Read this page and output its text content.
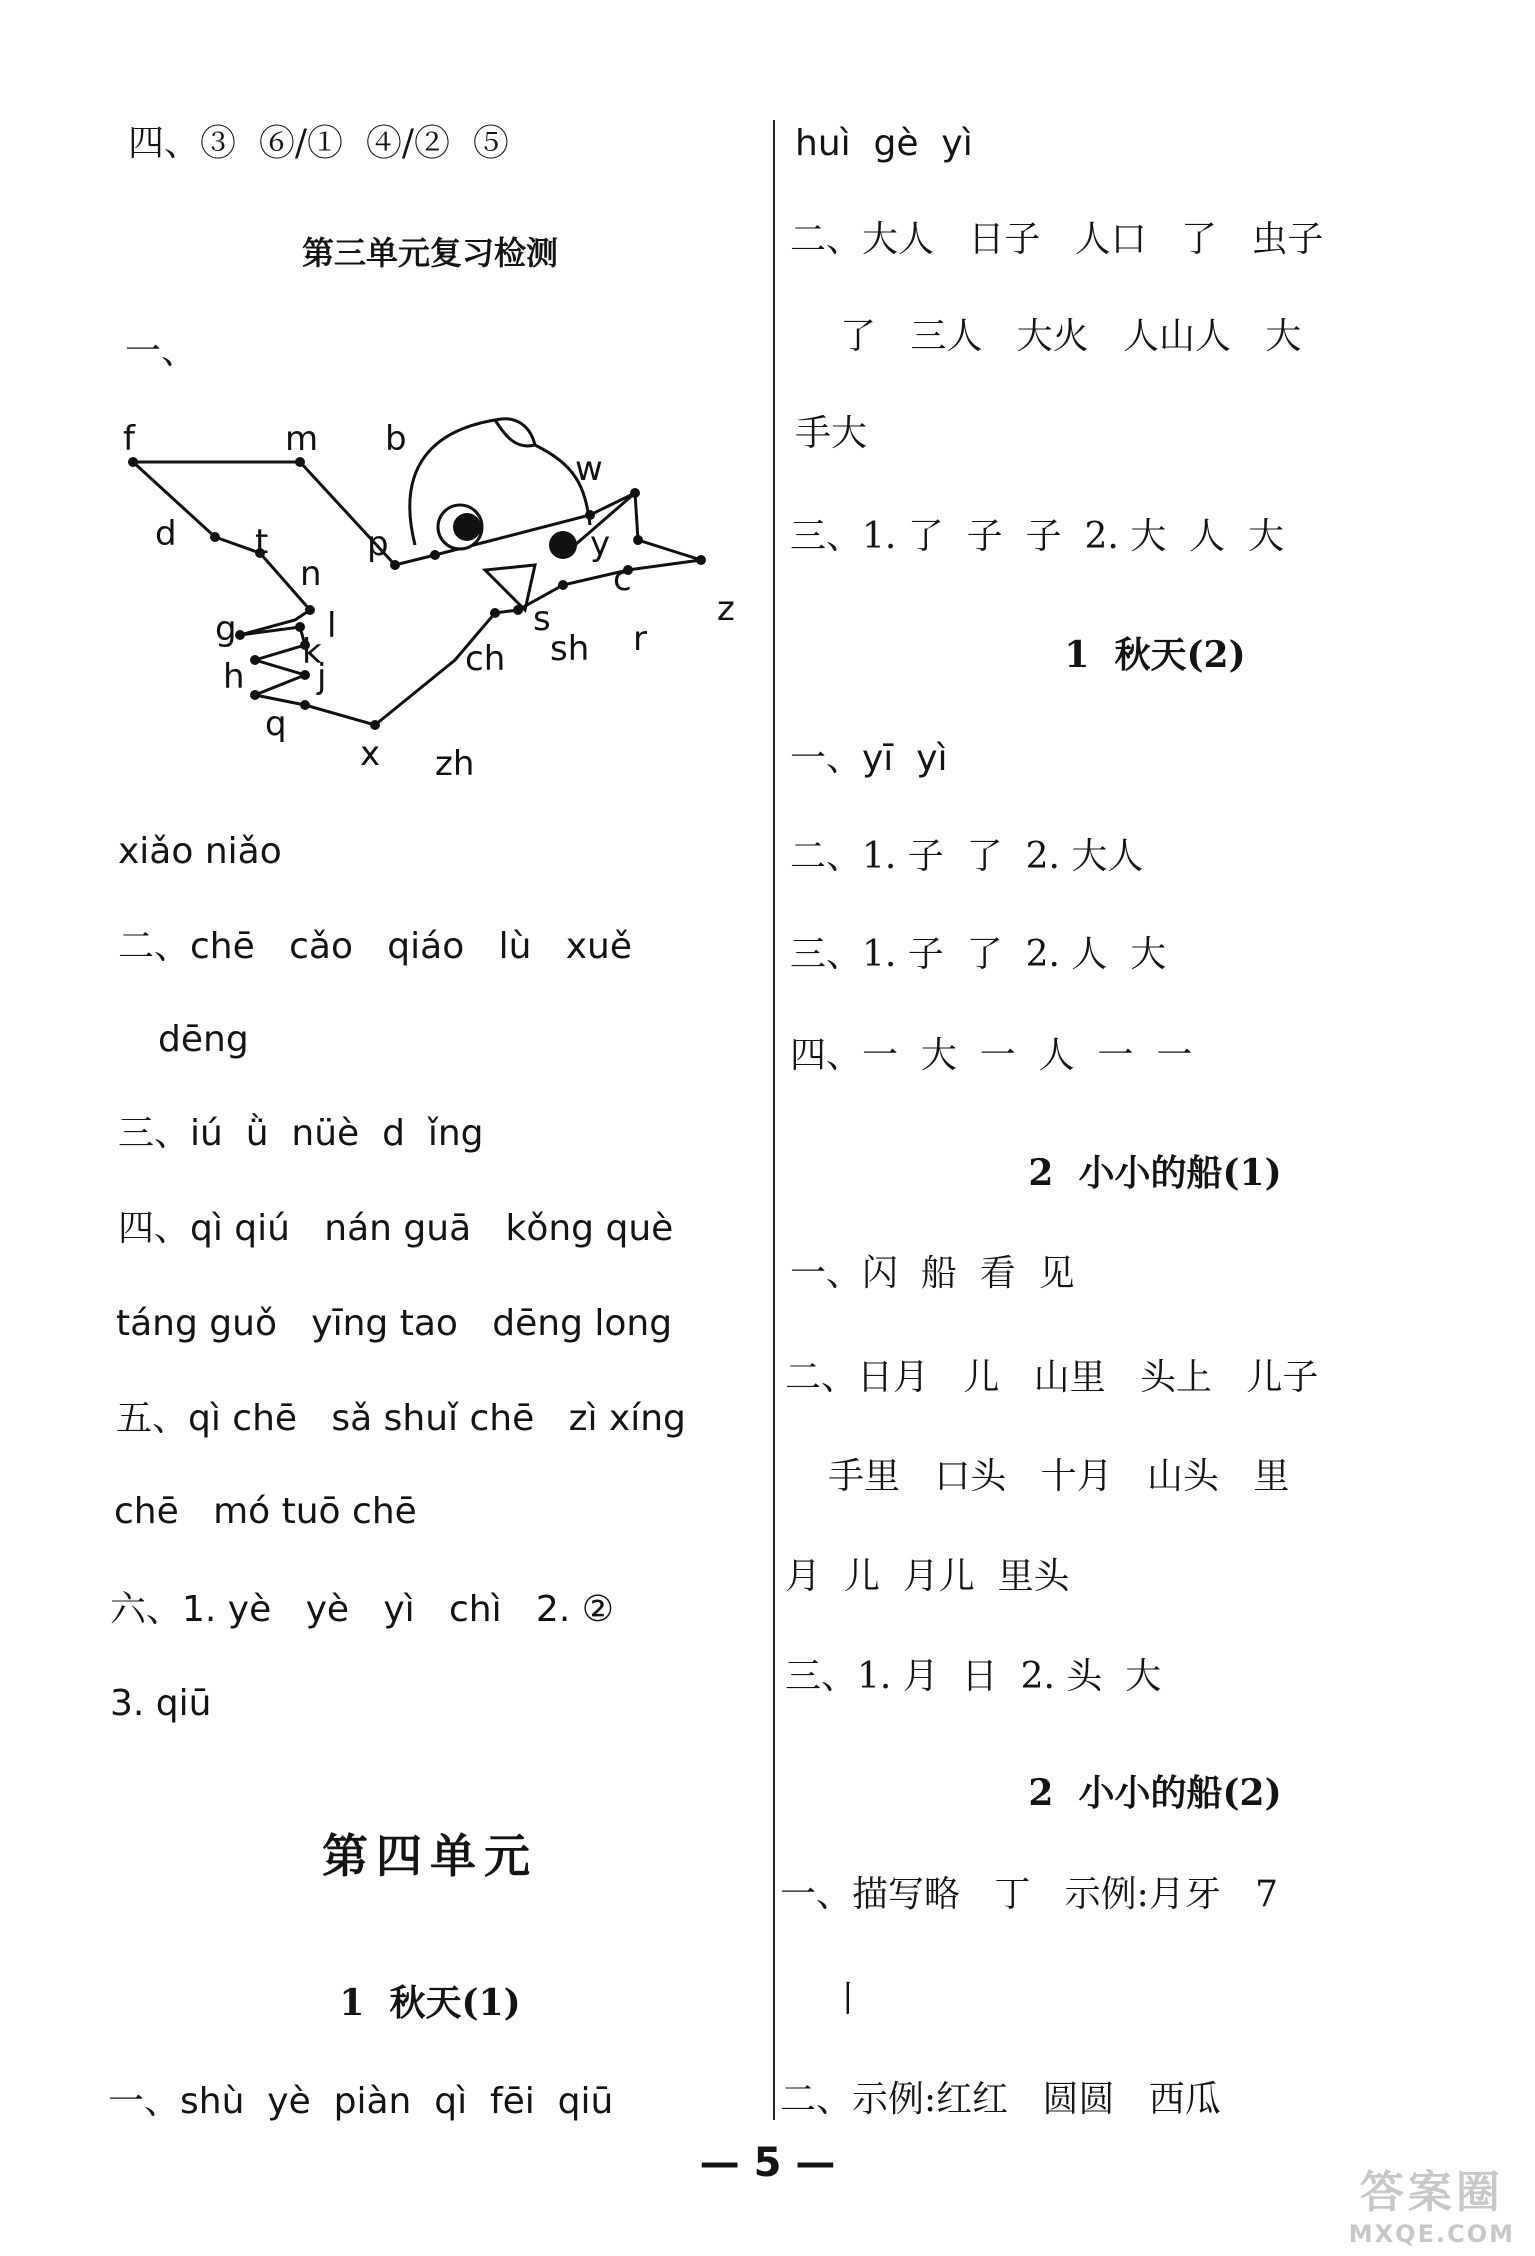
四、③  ⑥/①  ④/②  ⑤
第三单元复习检测
一、
f	m b
w
d t	p	y
n	c
g	l
k
h j
q
x zh
ch sh r
z
s
xiǎo niǎo
二、chē   cǎo   qiáo   lù   xuě
dēng
三、iú  ǜ  nüè  d  ǐng
四、qì qiú   nán guā   kǒng què
táng guǒ   yīng tao   dēng long
五、qì chē   sǎ shuǐ chē   zì xíng
chē   mó tuō chē
六、1. yè   yè   yì   chì   2. ②
3. qiū
第四单元
1  秋天(1)
一、shù  yè  piàn  qì  fēi  qiū
huì  gè  yì
二、大人   日子   人口   了   虫子
了   三人   大火   人山人   大
手大
三、1. 了  子  子  2. 大  人  大
1  秋天(2)
一、yī  yì
二、1. 子  了  2. 大人
三、1. 子  了  2. 人  大
四、一  大  一  人  一  一
2  小小的船(1)
一、闪  船  看  见
二、日月   儿   山里   头上   儿子
手里   口头   十月   山头   里
月  儿  月儿  里头
三、1. 月  日  2. 头  大
2  小小的船(2)
一、描写略   丁   示例:月牙   7
丨
二、示例:红红   圆圆   西瓜
— 5 —
答案圈
MXQE.COM
